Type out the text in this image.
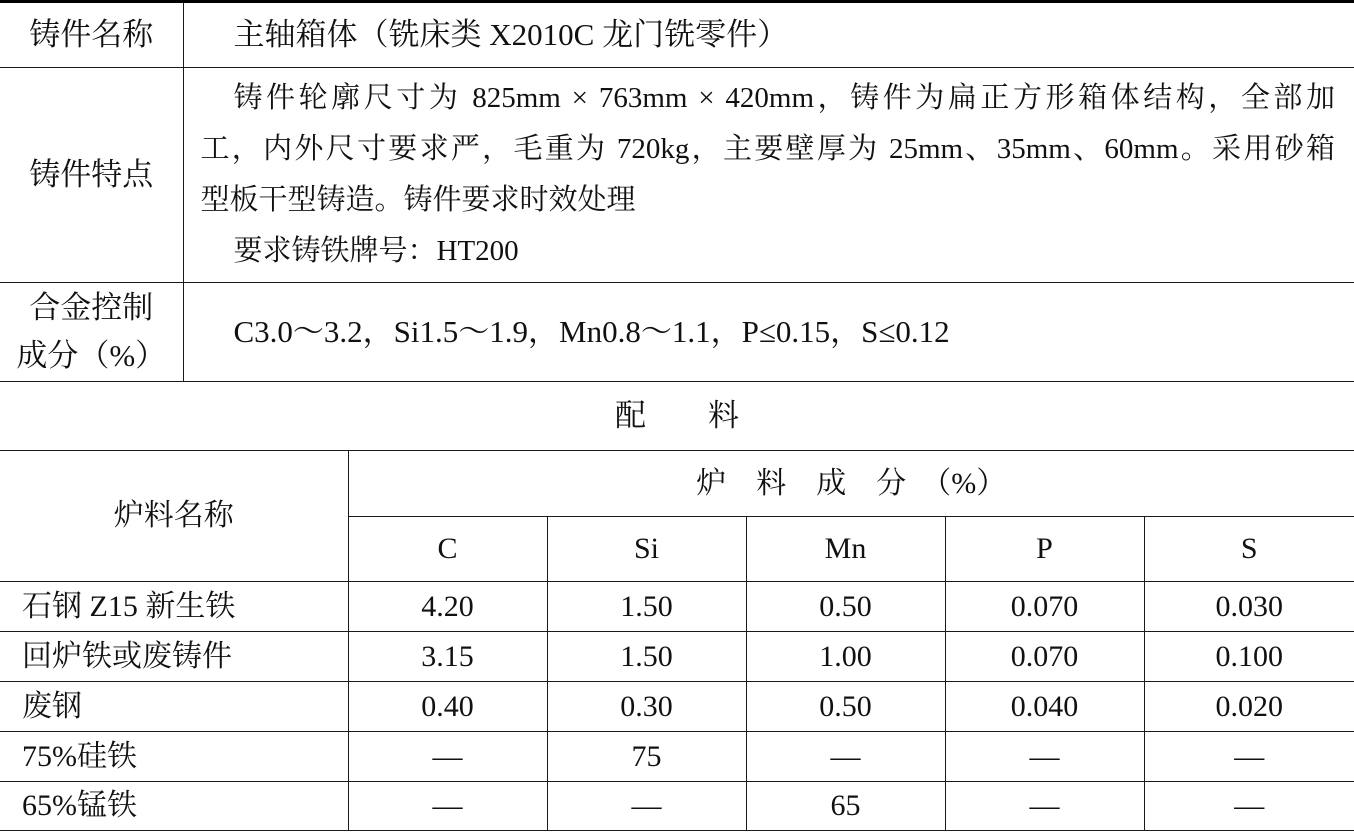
铸件名称	主轴箱体（铣床类 X2010C 龙门铣零件）
铸件特点	铸件轮廓尺寸为 825mm × 763mm × 420mm，铸件为扁正方形箱体结构，全部加
工，内外尺寸要求严，毛重为 720kg，主要壁厚为 25mm、35mm、60mm。采用砂箱
型板干型铸造。铸件要求时效处理
要求铸铁牌号：HT200

合金控制
成分（%）	C3.0～3.2，Si1.5～1.9，Mn0.8～1.1，P≤0.15，S≤0.12
配　　料
炉料名称	炉　料　成　分　（%）				
	C	Si	Mn	P	S
石钢 Z15 新生铁	4.20	1.50	0.50	0.070	0.030
回炉铁或废铸件	3.15	1.50	1.00	0.070	0.100
废钢	0.40	0.30	0.50	0.040	0.020
75%硅铁	—	75	—	—	—
65%锰铁	—	—	65	—	—
